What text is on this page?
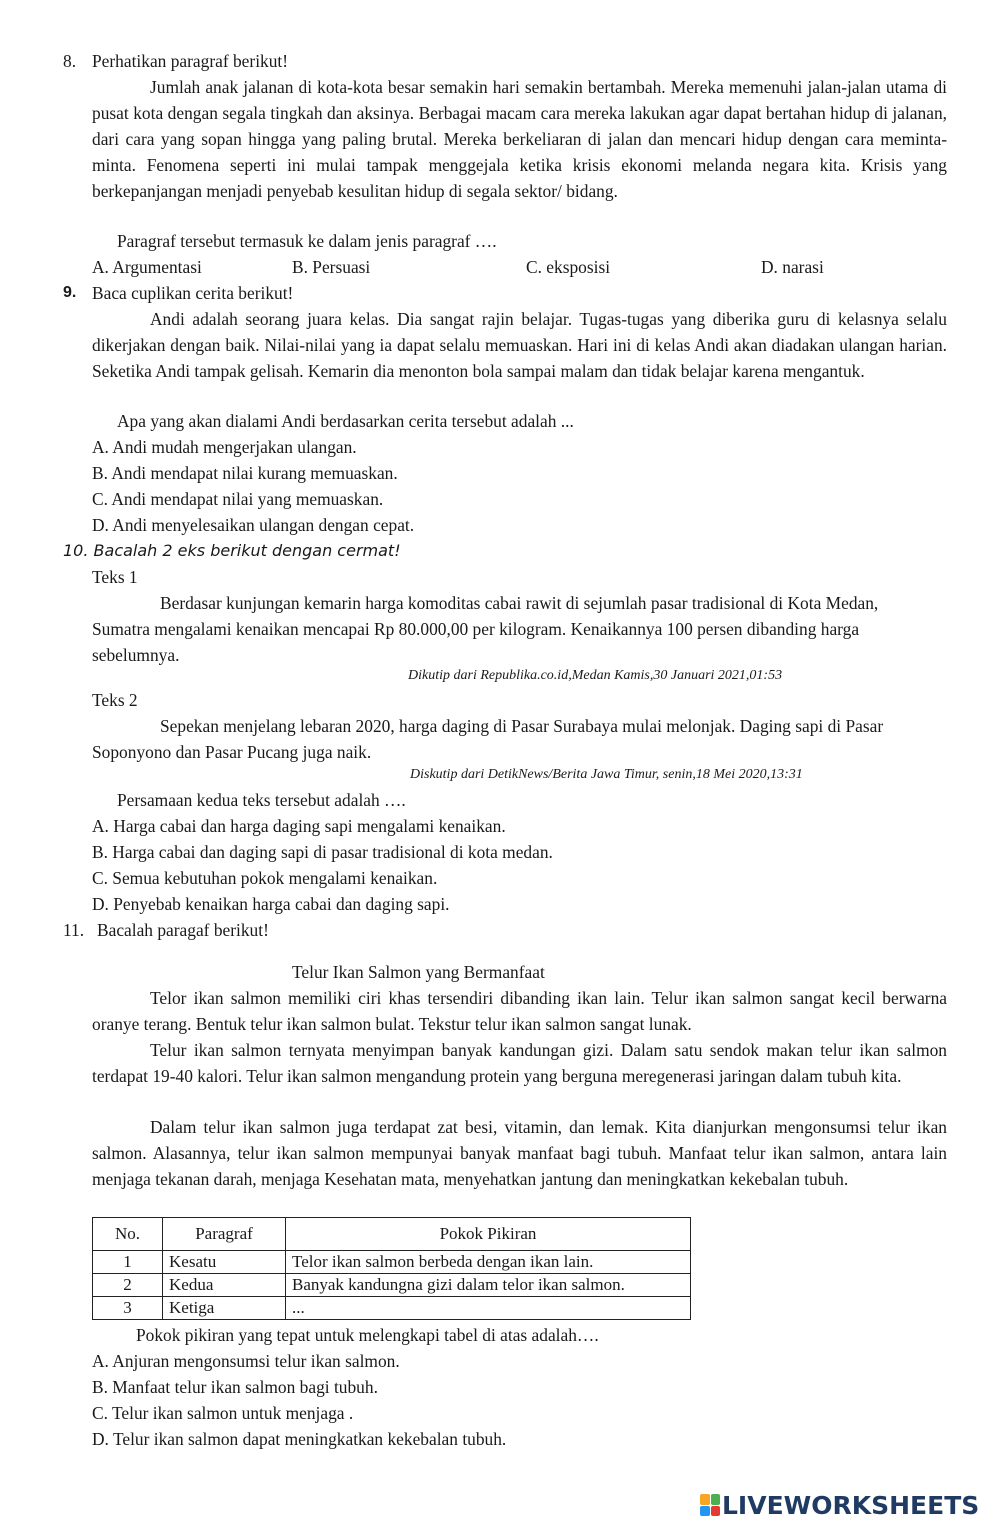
8. Perhatikan paragraf berikut!
Jumlah anak jalanan di kota-kota besar semakin hari semakin bertambah. Mereka memenuhi jalan-jalan utama di pusat kota dengan segala tingkah dan aksinya. Berbagai macam cara mereka lakukan agar dapat bertahan hidup di jalanan, dari cara yang sopan hingga yang paling brutal. Mereka berkeliaran di jalan dan mencari hidup dengan cara meminta-minta. Fenomena seperti ini mulai tampak menggejala ketika krisis ekonomi melanda negara kita. Krisis yang berkepanjangan menjadi penyebab kesulitan hidup di segala sektor/ bidang.
Paragraf tersebut termasuk ke dalam jenis paragraf ….
A. Argumentasi	B. Persuasi	C. eksposisi	D. narasi
9. Baca cuplikan cerita berikut!
Andi adalah seorang juara kelas. Dia sangat rajin belajar. Tugas-tugas yang diberika guru di kelasnya selalu dikerjakan dengan baik. Nilai-nilai yang ia dapat selalu memuaskan. Hari ini di kelas Andi akan diadakan ulangan harian. Seketika Andi tampak gelisah. Kemarin dia menonton bola sampai malam dan tidak belajar karena mengantuk.
Apa yang akan dialami Andi berdasarkan cerita tersebut adalah ...
A. Andi mudah mengerjakan ulangan.
B. Andi mendapat nilai kurang memuaskan.
C. Andi mendapat nilai yang memuaskan.
D. Andi menyelesaikan ulangan dengan cepat.
10. Bacalah 2 eks berikut dengan cermat!
Teks 1
Berdasar kunjungan kemarin harga komoditas cabai rawit di sejumlah pasar tradisional di Kota Medan, Sumatra mengalami kenaikan mencapai Rp 80.000,00 per kilogram. Kenaikannya 100 persen dibanding harga sebelumnya.
Dikutip dari Republika.co.id,Medan Kamis,30 Januari 2021,01:53
Teks 2
Sepekan menjelang lebaran 2020, harga daging di Pasar Surabaya mulai melonjak. Daging sapi di Pasar Soponyono dan Pasar Pucang juga naik.
Diskutip dari DetikNews/Berita Jawa Timur, senin,18 Mei 2020,13:31
Persamaan kedua teks tersebut adalah ….
A. Harga cabai dan harga daging sapi mengalami kenaikan.
B. Harga cabai dan daging sapi di pasar tradisional di kota medan.
C. Semua kebutuhan pokok mengalami kenaikan.
D. Penyebab kenaikan harga cabai dan daging sapi.
11. Bacalah paragaf berikut!
Telur Ikan Salmon yang Bermanfaat
Telor ikan salmon memiliki ciri khas tersendiri dibanding ikan lain. Telur ikan salmon sangat kecil berwarna oranye terang. Bentuk telur ikan salmon bulat. Tekstur telur ikan salmon sangat lunak.
Telur ikan salmon ternyata menyimpan banyak kandungan gizi. Dalam satu sendok makan telur ikan salmon terdapat 19-40 kalori. Telur ikan salmon mengandung protein yang berguna meregenerasi jaringan dalam tubuh kita.
Dalam telur ikan salmon juga terdapat zat besi, vitamin, dan lemak. Kita dianjurkan mengonsumsi telur ikan salmon. Alasannya, telur ikan salmon mempunyai banyak manfaat bagi tubuh. Manfaat telur ikan salmon, antara lain menjaga tekanan darah, menjaga Kesehatan mata, menyehatkan jantung dan meningkatkan kekebalan tubuh.
No.	Paragraf	Pokok Pikiran
1	Kesatu	Telor ikan salmon berbeda dengan ikan lain.
2	Kedua	Banyak kandungna gizi dalam telor ikan salmon.
3	Ketiga	...
Pokok pikiran yang tepat untuk melengkapi tabel di atas adalah….
A. Anjuran mengonsumsi telur ikan salmon.
B. Manfaat telur ikan salmon bagi tubuh.
C. Telur ikan salmon untuk menjaga .
D. Telur ikan salmon dapat meningkatkan kekebalan tubuh.
LIVEWORKSHEETS
